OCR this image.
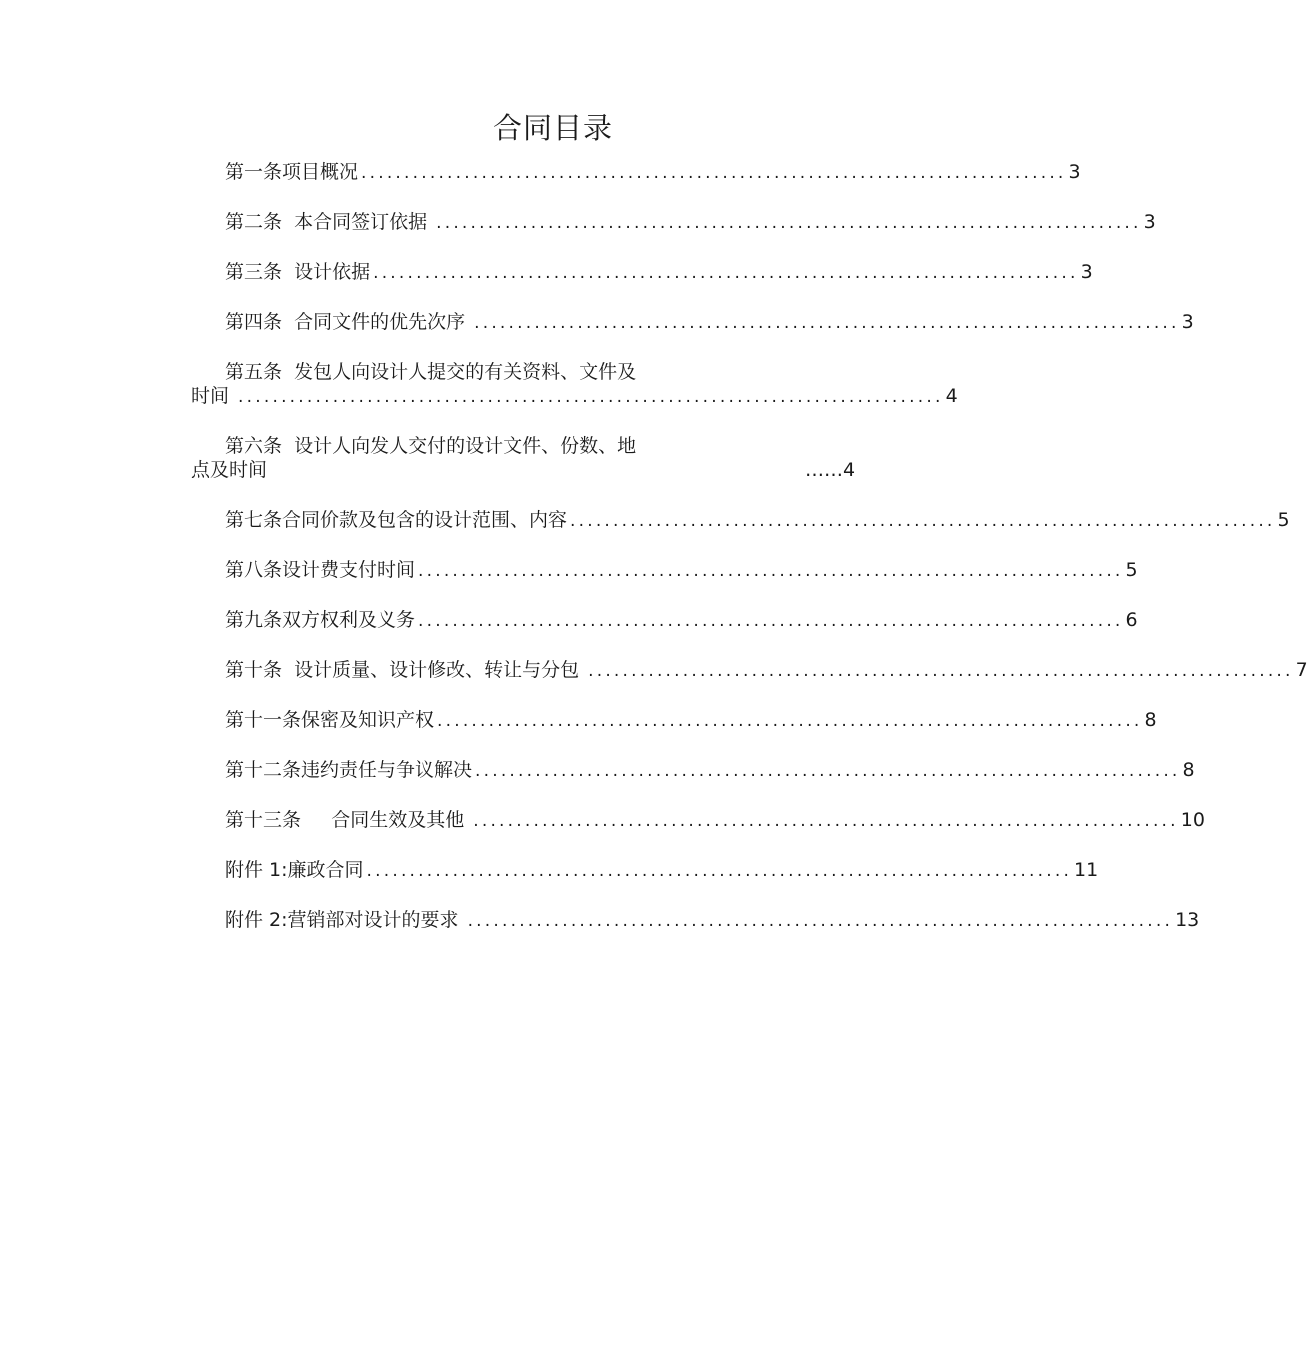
合同目录
第一条项目概况 .................................................................................. 3
第二条  本合同签订依据 .................................................................................. 3
第三条  设计依据 .................................................................................. 3
第四条  合同文件的优先次序 .................................................................................. 3
第五条  发包人向设计人提交的有关资料、文件及
时间 .................................................................................. 4
第六条  设计人向发人交付的设计文件、份数、地
点及时间	……4
第七条合同价款及包含的设计范围、内容 .................................................................................. 5
第八条设计费支付时间 .................................................................................. 5
第九条双方权利及义务 .................................................................................. 6
第十条  设计质量、设计修改、转让与分包 .................................................................................. 7
第十一条保密及知识产权 .................................................................................. 8
第十二条违约责任与争议解决 .................................................................................. 8
第十三条     合同生效及其他 .................................................................................. 10
附件 1:廉政合同 .................................................................................. 11
附件 2:营销部对设计的要求 .................................................................................. 13
